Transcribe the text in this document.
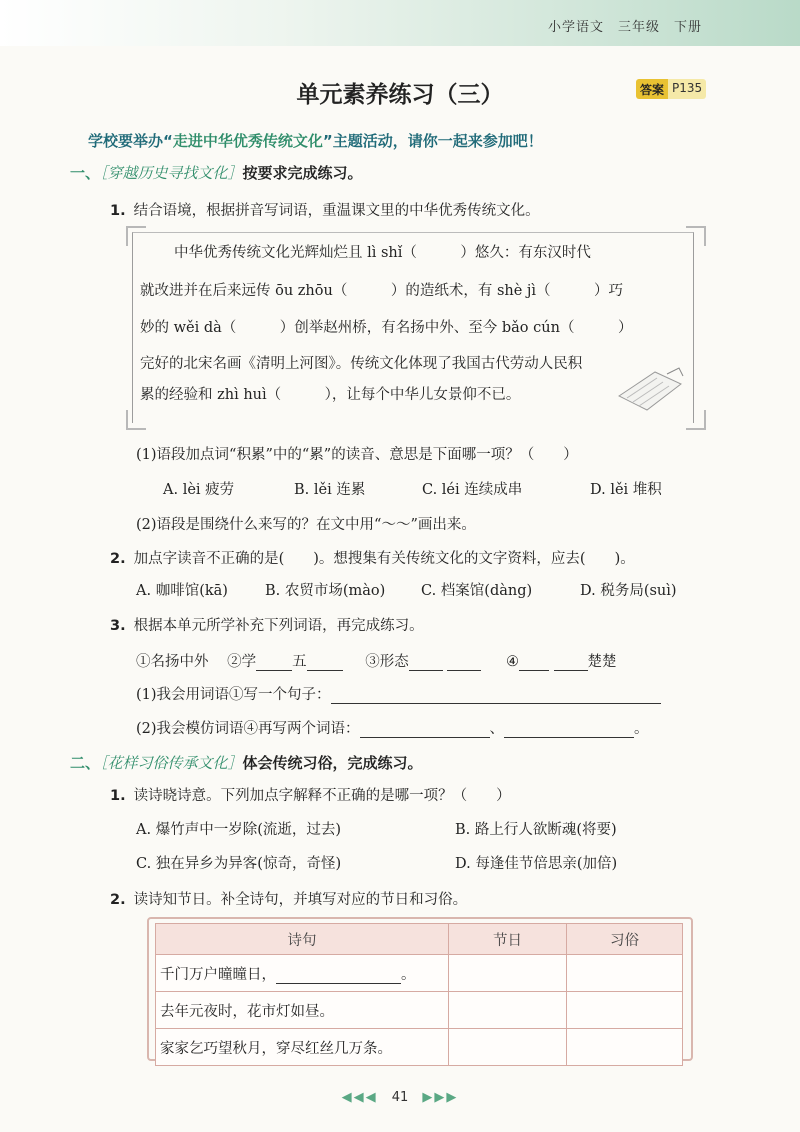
小学语文　三年级　下册
单元素养练习（三）	答案 P135
学校要举办“走进中华优秀传统文化”主题活动，请你一起来参加吧！
一、［穿越历史寻找文化］按要求完成练习。
1. 结合语境，根据拼音写词语，重温课文里的中华优秀传统文化。
中华优秀传统文化光辉灿烂且 lì shǐ（　　　）悠久：有东汉时代
就改进并在后来远传 ōu zhōu（　　　）的造纸术，有 shè jì（　　　）巧
妙的 wěi dà（　　　）创举赵州桥，有名扬中外、至今 bǎo cún（　　　）
完好的北宋名画《清明上河图》。传统文化体现了我国古代劳动人民积
累的经验和 zhì huì（　　　），让每个中华儿女景仰不已。
(1)语段加点词“积累”中的“累”的读音、意思是下面哪一项？（　　）
A. lèi 疲劳	B. lěi 连累	C. léi 连续成串	D. lěi 堆积
(2)语段是围绕什么来写的？在文中用“～～”画出来。
2. 加点字读音不正确的是(　　)。想搜集有关传统文化的文字资料，应去(　　)。
A. 咖啡馆(kā)	B. 农贸市场(mào) C. 档案馆(dàng)	D. 税务局(suì)
3. 根据本单元所学补充下列词语，再完成练习。
①名扬中外 ②学 五	③形态	④	楚楚
(1)我会用词语①写一个句子：
(2)我会模仿词语④再写两个词语：	、	。
二、［花样习俗传承文化］体会传统习俗，完成练习。
1. 读诗晓诗意。下列加点字解释不正确的是哪一项？（　　）
A. 爆竹声中一岁除(流逝，过去)	B. 路上行人欲断魂(将要)
C. 独在异乡为异客(惊奇，奇怪)	D. 每逢佳节倍思亲(加倍)
2. 读诗知节日。补全诗句，并填写对应的节日和习俗。
诗句	节日	习俗
千门万户曈曈日， 。		
去年元夜时，花市灯如昼。		
家家乞巧望秋月，穿尽红丝几万条。		
◀◀◀ 41 ▶▶▶
